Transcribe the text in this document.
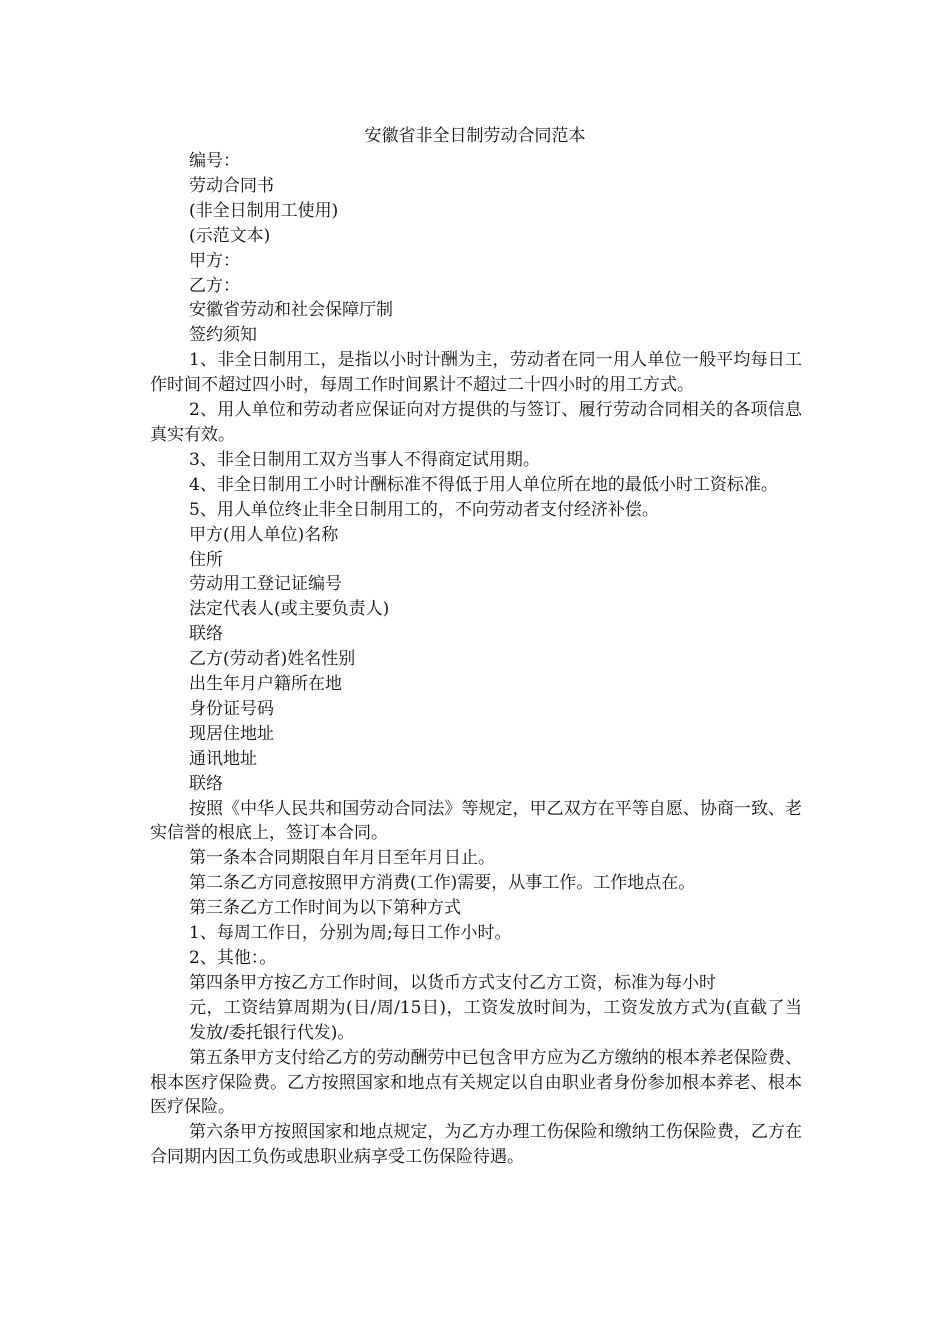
安徽省非全日制劳动合同范本

编号：

劳动合同书

(非全日制用工使用)

(示范文本)

甲方：

乙方：

安徽省劳动和社会保障厅制

签约须知

1、非全日制用工，是指以小时计酬为主，劳动者在同一用人单位一般平均每日工作时间不超过四小时，每周工作时间累计不超过二十四小时的用工方式。

2、用人单位和劳动者应保证向对方提供的与签订、履行劳动合同相关的各项信息真实有效。

3、非全日制用工双方当事人不得商定试用期。

4、非全日制用工小时计酬标准不得低于用人单位所在地的最低小时工资标准。

5、用人单位终止非全日制用工的，不向劳动者支付经济补偿。

甲方(用人单位)名称

住所

劳动用工登记证编号

法定代表人(或主要负责人)

联络

乙方(劳动者)姓名性别

出生年月户籍所在地

身份证号码

现居住地址

通讯地址

联络

按照《中华人民共和国劳动合同法》等规定，甲乙双方在平等自愿、协商一致、老实信誉的根底上，签订本合同。

第一条本合同期限自年月日至年月日止。

第二条乙方同意按照甲方消费(工作)需要，从事工作。工作地点在。

第三条乙方工作时间为以下第种方式

1、每周工作日，分别为周;每日工作小时。

2、其他：。

第四条甲方按乙方工作时间，以货币方式支付乙方工资，标准为每小时

元，工资结算周期为(日/周/15日)，工资发放时间为，工资发放方式为(直截了当发放/委托银行代发)。

第五条甲方支付给乙方的劳动酬劳中已包含甲方应为乙方缴纳的根本养老保险费、根本医疗保险费。乙方按照国家和地点有关规定以自由职业者身份参加根本养老、根本医疗保险。

第六条甲方按照国家和地点规定，为乙方办理工伤保险和缴纳工伤保险费，乙方在合同期内因工负伤或患职业病享受工伤保险待遇。
